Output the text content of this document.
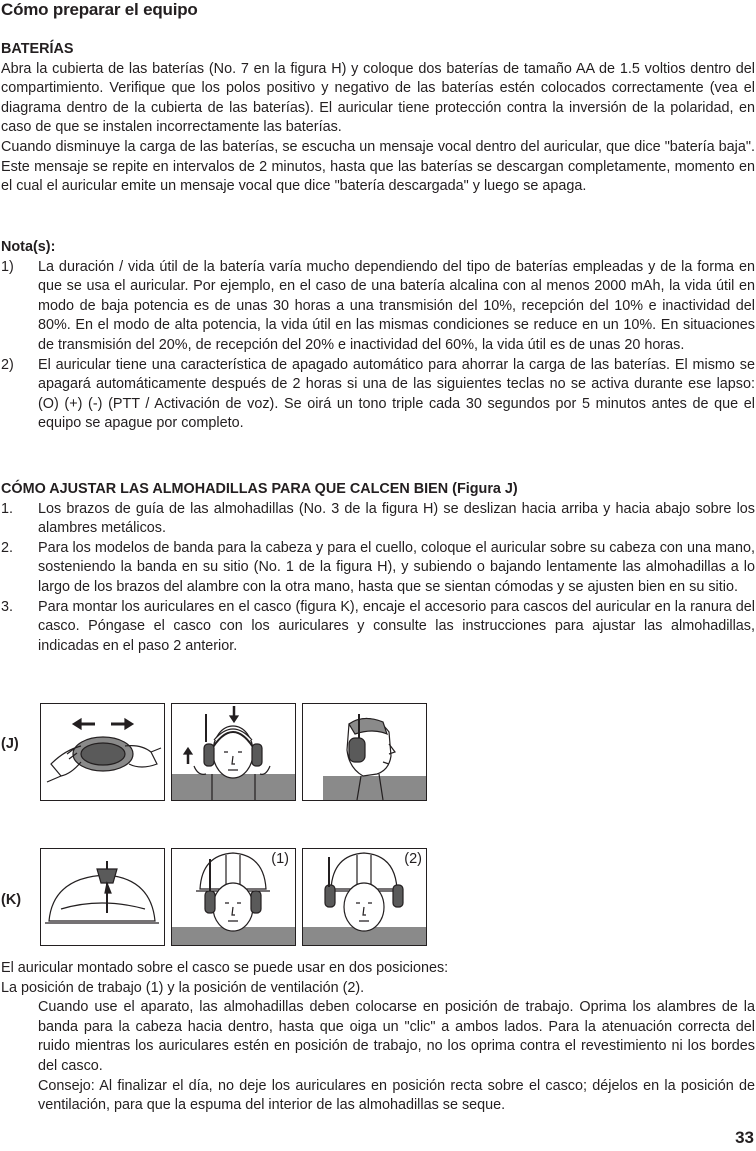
Cómo preparar el equipo

BATERÍAS

Abra la cubierta de las baterías (No. 7 en la figura H) y coloque dos baterías de tamaño AA de 1.5 voltios dentro del compartimiento. Verifique que los polos positivo y negativo de las baterías estén colocados correctamente (vea el diagrama dentro de la cubierta de las baterías). El auricular tiene protección contra la inversión de la polaridad, en caso de que se instalen incorrectamente las baterías.

Cuando disminuye la carga de las baterías, se escucha un mensaje vocal dentro del auricular, que dice "batería baja". Este mensaje se repite en intervalos de 2 minutos, hasta que las baterías se descargan completamente, momento en el cual el auricular emite un mensaje vocal que dice "batería descargada" y luego se apaga.

Nota(s):

1) La duración / vida útil de la batería varía mucho dependiendo del tipo de baterías empleadas y de la forma en que se usa el auricular. Por ejemplo, en el caso de una batería alcalina con al menos 2000 mAh, la vida útil en modo de baja potencia es de unas 30 horas a una transmisión del 10%, recepción del 10% e inactividad del 80%. En el modo de alta potencia, la vida útil en las mismas condiciones se reduce en un 10%. En situaciones de transmisión del 20%, de recepción del 20% e inactividad del 60%, la vida útil es de unas 20 horas.
2) El auricular tiene una característica de apagado automático para ahorrar la carga de las baterías. El mismo se apagará automáticamente después de 2 horas si una de las siguientes teclas no se activa durante ese lapso: (O) (+) (-) (PTT / Activación de voz). Se oirá un tono triple cada 30 segundos por 5 minutos antes de que el equipo se apague por completo.

CÓMO AJUSTAR LAS ALMOHADILLAS PARA QUE CALCEN BIEN (Figura J)

1. Los brazos de guía de las almohadillas (No. 3 de la figura H) se deslizan hacia arriba y hacia abajo sobre los alambres metálicos.
2. Para los modelos de banda para la cabeza y para el cuello, coloque el auricular sobre su cabeza con una mano, sosteniendo la banda en su sitio (No. 1 de la figura H), y subiendo o bajando lentamente las almohadillas a lo largo de los brazos del alambre con la otra mano, hasta que se sientan cómodas y se ajusten bien en su sitio.
3. Para montar los auriculares en el casco (figura K), encaje el accesorio para cascos del auricular en la ranura del casco. Póngase el casco con los auriculares y consulte las instrucciones para ajustar las almohadillas, indicadas en el paso 2 anterior.
(J)
(K)
(1)	(2)

El auricular montado sobre el casco se puede usar en dos posiciones:

La posición de trabajo (1) y la posición de ventilación (2).

Cuando use el aparato, las almohadillas deben colocarse en posición de trabajo. Oprima los alambres de la banda para la cabeza hacia dentro, hasta que oiga un "clic" a ambos lados. Para la atenuación correcta del ruido mientras los auriculares estén en posición de trabajo, no los oprima contra el revestimiento ni los bordes del casco.

Consejo: Al finalizar el día, no deje los auriculares en posición recta sobre el casco; déjelos en la posición de ventilación, para que la espuma del interior de las almohadillas se seque.

33
